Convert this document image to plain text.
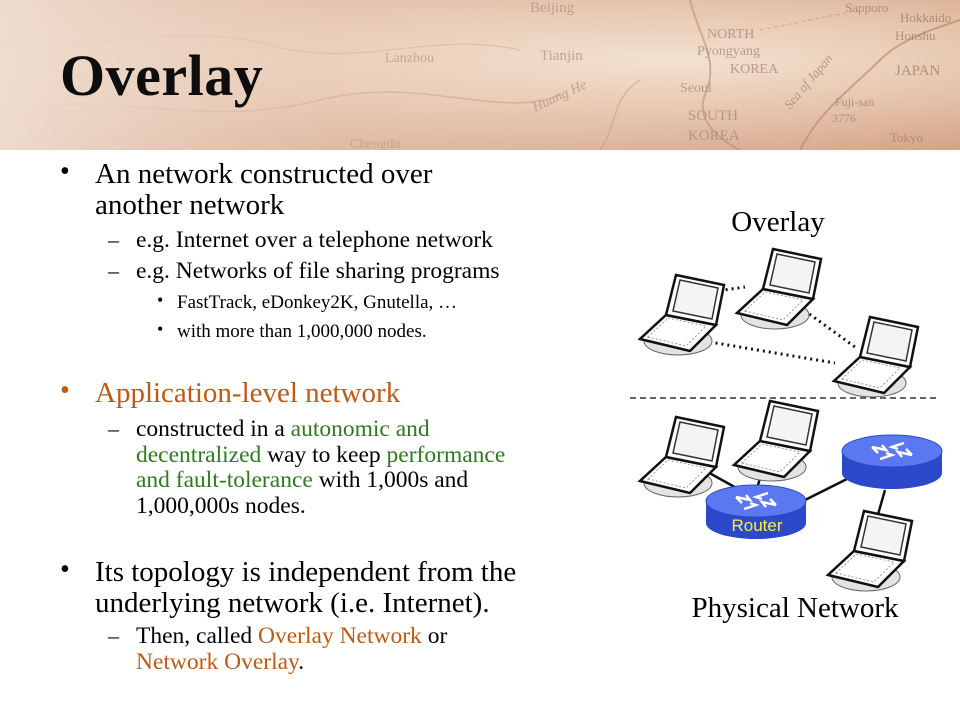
Overlay
• An network constructed over
another network
– e.g. Internet over a telephone network
– e.g. Networks of file sharing programs
• FastTrack, eDonkey2K, Gnutella, …
• with more than 1,000,000 nodes.
• Application-level network
– constructed in a autonomic and
decentralized way to keep performance
and fault-tolerance with 1,000s and
1,000,000s nodes.
• Its topology is independent from the
underlying network (i.e. Internet).
– Then, called Overlay Network or
Network Overlay.
Overlay
Router
Physical Network
